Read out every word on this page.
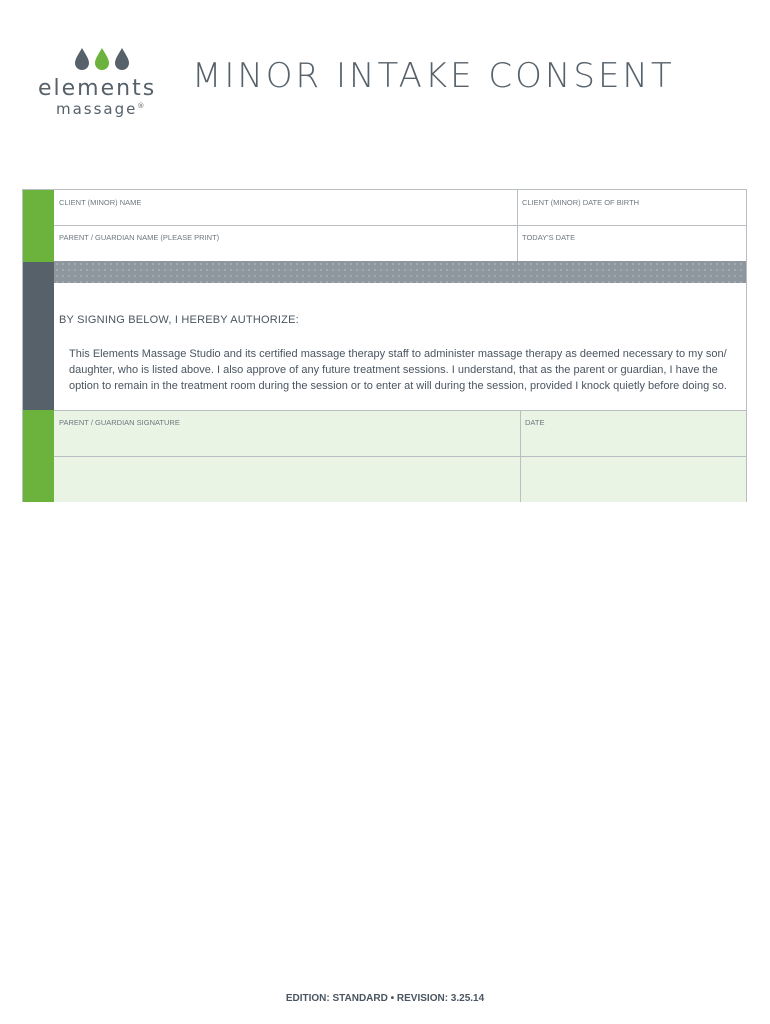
elements
massage®
MINOR INTAKE CONSENT
CLIENT (MINOR) NAME	CLIENT (MINOR) DATE OF BIRTH
PARENT / GUARDIAN NAME (PLEASE PRINT)	TODAY'S DATE
BY SIGNING BELOW, I HEREBY AUTHORIZE:
This Elements Massage Studio and its certified massage therapy staff to administer massage therapy as deemed necessary to my son/ daughter, who is listed above. I also approve of any future treatment sessions. I understand, that as the parent or guardian, I have the option to remain in the treatment room during the session or to enter at will during the session, provided I knock quietly before doing so.
PARENT / GUARDIAN SIGNATURE	DATE
EDITION: STANDARD • REVISION: 3.25.14
